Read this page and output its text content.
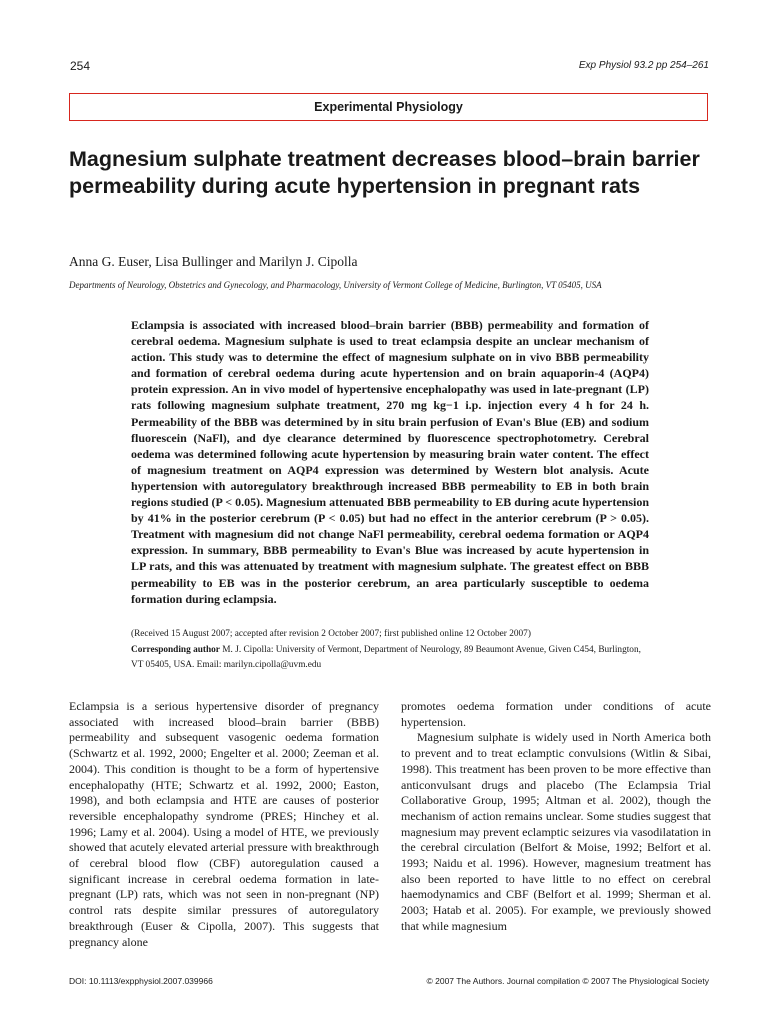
254	Exp Physiol 93.2 pp 254–261
Experimental Physiology
Magnesium sulphate treatment decreases blood–brain barrier permeability during acute hypertension in pregnant rats
Anna G. Euser, Lisa Bullinger and Marilyn J. Cipolla
Departments of Neurology, Obstetrics and Gynecology, and Pharmacology, University of Vermont College of Medicine, Burlington, VT 05405, USA

Eclampsia is associated with increased blood–brain barrier (BBB) permeability and formation of cerebral oedema. Magnesium sulphate is used to treat eclampsia despite an unclear mechanism of action. This study was to determine the effect of magnesium sulphate on in vivo BBB permeability and formation of cerebral oedema during acute hypertension and on brain aquaporin-4 (AQP4) protein expression. An in vivo model of hypertensive encephalopathy was used in late-pregnant (LP) rats following magnesium sulphate treatment, 270 mg kg−1 i.p. injection every 4 h for 24 h. Permeability of the BBB was determined by in situ brain perfusion of Evan's Blue (EB) and sodium fluorescein (NaFl), and dye clearance determined by fluorescence spectrophotometry. Cerebral oedema was determined following acute hypertension by measuring brain water content. The effect of magnesium treatment on AQP4 expression was determined by Western blot analysis. Acute hypertension with autoregulatory breakthrough increased BBB permeability to EB in both brain regions studied (P < 0.05). Magnesium attenuated BBB permeability to EB during acute hypertension by 41% in the posterior cerebrum (P < 0.05) but had no effect in the anterior cerebrum (P > 0.05). Treatment with magnesium did not change NaFl permeability, cerebral oedema formation or AQP4 expression. In summary, BBB permeability to Evan's Blue was increased by acute hypertension in LP rats, and this was attenuated by treatment with magnesium sulphate. The greatest effect on BBB permeability to EB was in the posterior cerebrum, an area particularly susceptible to oedema formation during eclampsia.

(Received 15 August 2007; accepted after revision 2 October 2007; first published online 12 October 2007)

Corresponding author M. J. Cipolla: University of Vermont, Department of Neurology, 89 Beaumont Avenue, Given C454, Burlington, VT 05405, USA. Email: marilyn.cipolla@uvm.edu

Eclampsia is a serious hypertensive disorder of pregnancy associated with increased blood–brain barrier (BBB) permeability and subsequent vasogenic oedema formation (Schwartz et al. 1992, 2000; Engelter et al. 2000; Zeeman et al. 2004). This condition is thought to be a form of hypertensive encephalopathy (HTE; Schwartz et al. 1992, 2000; Easton, 1998), and both eclampsia and HTE are causes of posterior reversible encephalopathy syndrome (PRES; Hinchey et al. 1996; Lamy et al. 2004). Using a model of HTE, we previously showed that acutely elevated arterial pressure with breakthrough of cerebral blood flow (CBF) autoregulation caused a significant increase in cerebral oedema formation in late-pregnant (LP) rats, which was not seen in non-pregnant (NP) control rats despite similar pressures of autoregulatory breakthrough (Euser & Cipolla, 2007). This suggests that pregnancy alone

promotes oedema formation under conditions of acute hypertension.

Magnesium sulphate is widely used in North America both to prevent and to treat eclamptic convulsions (Witlin & Sibai, 1998). This treatment has been proven to be more effective than anticonvulsant drugs and placebo (The Eclampsia Trial Collaborative Group, 1995; Altman et al. 2002), though the mechanism of action remains unclear. Some studies suggest that magnesium may prevent eclamptic seizures via vasodilatation in the cerebral circulation (Belfort & Moise, 1992; Belfort et al. 1993; Naidu et al. 1996). However, magnesium treatment has also been reported to have little to no effect on cerebral haemodynamics and CBF (Belfort et al. 1999; Sherman et al. 2003; Hatab et al. 2005). For example, we previously showed that while magnesium

DOI: 10.1113/expphysiol.2007.039966	© 2007 The Authors. Journal compilation © 2007 The Physiological Society
